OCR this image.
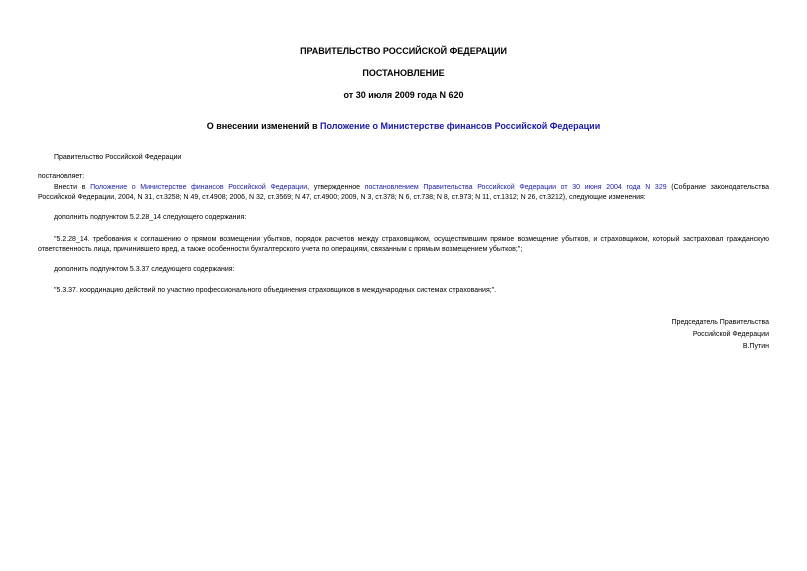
ПРАВИТЕЛЬСТВО РОССИЙСКОЙ ФЕДЕРАЦИИ
ПОСТАНОВЛЕНИЕ
от 30 июля 2009 года N 620
О внесении изменений в Положение о Министерстве финансов Российской Федерации
Правительство Российской Федерации
постановляет:
Внести в Положение о Министерстве финансов Российской Федерации, утвержденное постановлением Правительства Российской Федерации от 30 июня 2004 года N 329 (Собрание законодательства
Российской Федерации, 2004, N 31, ст.3258; N 49, ст.4908; 2006, N 32, ст.3569; N 47, ст.4900; 2009, N 3, ст.378; N 6, ст.738; N 8, ст.973; N 11, ст.1312; N 26, ст.3212), следующие изменения:
дополнить подпунктом 5.2.28_14 следующего содержания:
"5.2.28_14. требования к соглашению о прямом возмещении убытков, порядок расчетов между страховщиком, осуществившим прямое возмещение убытков, и страховщиком, который застраховал гражданскую
ответственность лица, причинившего вред, а также особенности бухгалтерского учета по операциям, связанным с прямым возмещением убытков;";
дополнить подпунктом 5.3.37 следующего содержания:
"5.3.37. координацию действий по участию профессионального объединения страховщиков в международных системах страхования;".
Председатель Правительства
Российской Федерации
В.Путин
